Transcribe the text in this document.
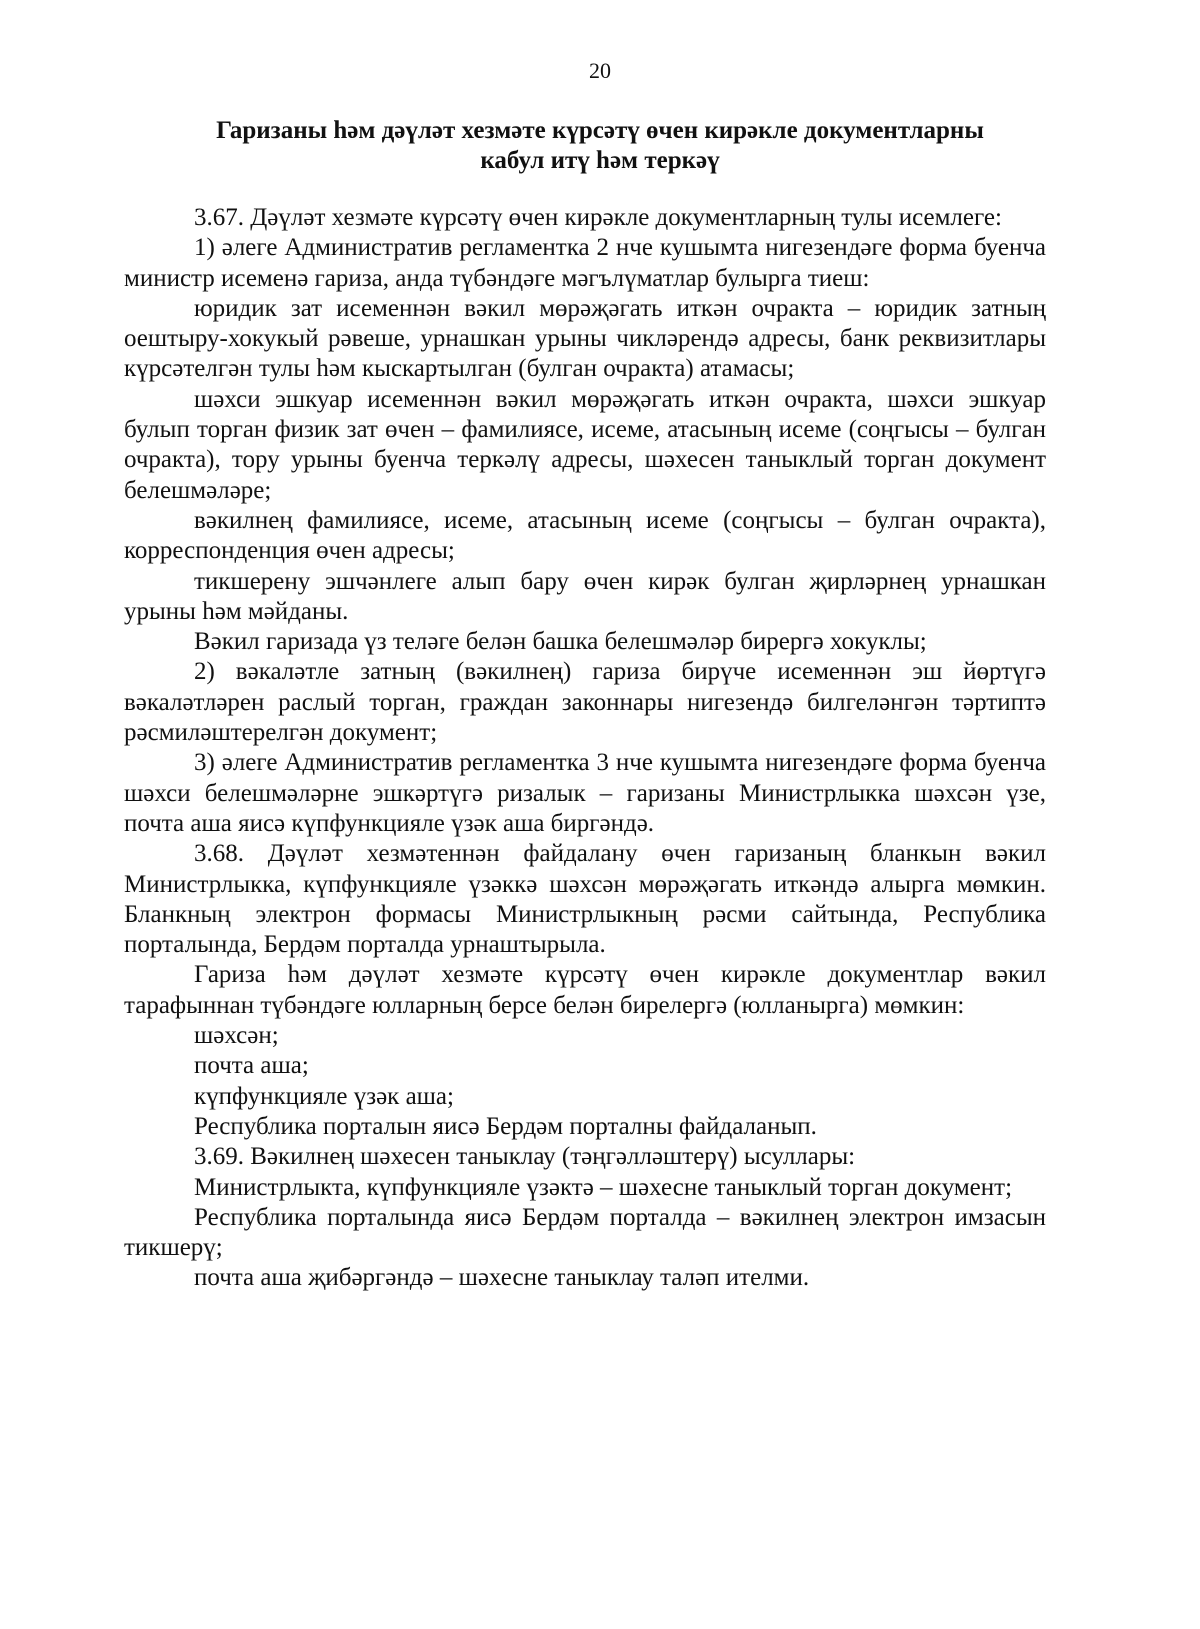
20
Гаризаны һәм дәүләт хезмәте күрсәтү өчен кирәкле документларны
кабул итү һәм теркәү

3.67. Дәүләт хезмәте күрсәтү өчен кирәкле документларның тулы исемлеге:

1) әлеге Административ регламентка 2 нче кушымта нигезендәге форма буенча министр исеменә гариза, анда түбәндәге мәгълүматлар булырга тиеш:

юридик зат исеменнән вәкил мөрәҗәгать иткән очракта – юридик затның оештыру-хокукый рәвеше, урнашкан урыны чикләрендә адресы, банк реквизитлары күрсәтелгән тулы һәм кыскартылган (булган очракта) атамасы;

шәхси эшкуар исеменнән вәкил мөрәҗәгать иткән очракта, шәхси эшкуар булып торган физик зат өчен – фамилиясе, исеме, атасының исеме (соңгысы – булган очракта), тору урыны буенча теркәлү адресы, шәхесен таныклый торган документ белешмәләре;

вәкилнең фамилиясе, исеме, атасының исеме (соңгысы – булган очракта), корреспонденция өчен адресы;

тикшерену эшчәнлеге алып бару өчен кирәк булган җирләрнең урнашкан урыны һәм мәйданы.

Вәкил гаризада үз теләге белән башка белешмәләр бирергә хокуклы;

2) вәкаләтле затның (вәкилнең) гариза бирүче исеменнән эш йөртүгә вәкаләтләрен раслый торган, граждан законнары нигезендә билгеләнгән тәртиптә рәсмиләштерелгән документ;

3) әлеге Административ регламентка 3 нче кушымта нигезендәге форма буенча шәхси белешмәләрне эшкәртүгә ризалык – гаризаны Министрлыкка шәхсән үзе, почта аша яисә күпфункцияле үзәк аша биргәндә.

3.68. Дәүләт хезмәтеннән файдалану өчен гаризаның бланкын вәкил Министрлыкка, күпфункцияле үзәккә шәхсән мөрәҗәгать иткәндә алырга мөмкин. Бланкның электрон формасы Министрлыкның рәсми сайтында, Республика порталында, Бердәм порталда урнаштырыла.

Гариза һәм дәүләт хезмәте күрсәтү өчен кирәкле документлар вәкил тарафыннан түбәндәге юлларның берсе белән бирелергә (юлланырга) мөмкин:

шәхсән;

почта аша;

күпфункцияле үзәк аша;

Республика порталын яисә Бердәм порталны файдаланып.

3.69. Вәкилнең шәхесен таныклау (тәңгәлләштерү) ысуллары:

Министрлыкта, күпфункцияле үзәктә – шәхесне таныклый торган документ;

Республика порталында яисә Бердәм порталда – вәкилнең электрон имзасын тикшерү;

почта аша җибәргәндә – шәхесне таныклау таләп ителми.
